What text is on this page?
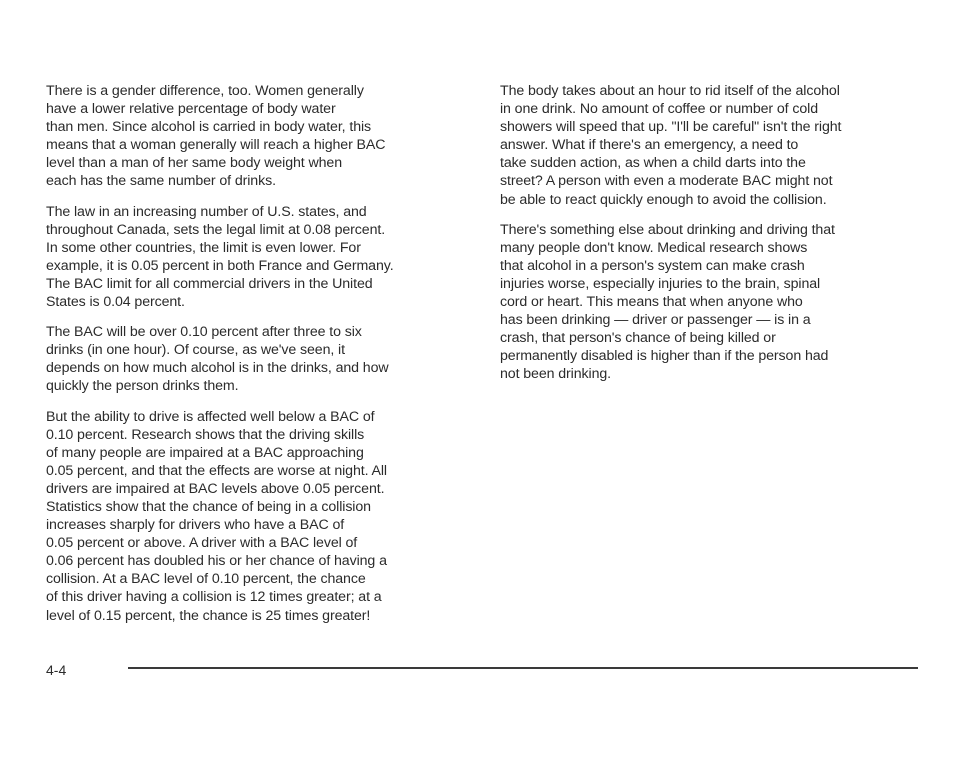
There is a gender difference, too. Women generally
have a lower relative percentage of body water
than men. Since alcohol is carried in body water, this
means that a woman generally will reach a higher BAC
level than a man of her same body weight when
each has the same number of drinks.

The law in an increasing number of U.S. states, and
throughout Canada, sets the legal limit at 0.08 percent.
In some other countries, the limit is even lower. For
example, it is 0.05 percent in both France and Germany.
The BAC limit for all commercial drivers in the United
States is 0.04 percent.

The BAC will be over 0.10 percent after three to six
drinks (in one hour). Of course, as we've seen, it
depends on how much alcohol is in the drinks, and how
quickly the person drinks them.

But the ability to drive is affected well below a BAC of
0.10 percent. Research shows that the driving skills
of many people are impaired at a BAC approaching
0.05 percent, and that the effects are worse at night. All
drivers are impaired at BAC levels above 0.05 percent.
Statistics show that the chance of being in a collision
increases sharply for drivers who have a BAC of
0.05 percent or above. A driver with a BAC level of
0.06 percent has doubled his or her chance of having a
collision. At a BAC level of 0.10 percent, the chance
of this driver having a collision is 12 times greater; at a
level of 0.15 percent, the chance is 25 times greater!

The body takes about an hour to rid itself of the alcohol
in one drink. No amount of coffee or number of cold
showers will speed that up. "I'll be careful" isn't the right
answer. What if there's an emergency, a need to
take sudden action, as when a child darts into the
street? A person with even a moderate BAC might not
be able to react quickly enough to avoid the collision.

There's something else about drinking and driving that
many people don't know. Medical research shows
that alcohol in a person's system can make crash
injuries worse, especially injuries to the brain, spinal
cord or heart. This means that when anyone who
has been drinking — driver or passenger — is in a
crash, that person's chance of being killed or
permanently disabled is higher than if the person had
not been drinking.

4-4
